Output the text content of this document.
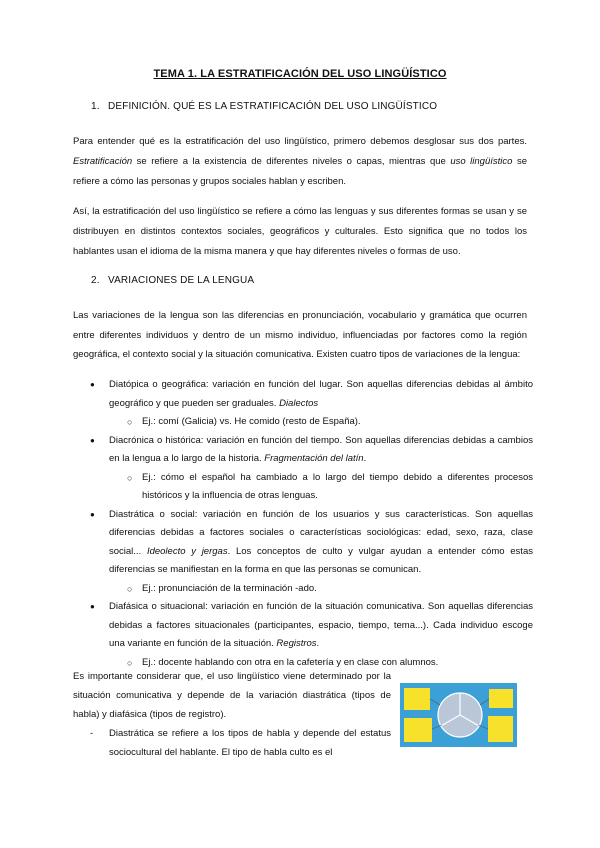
TEMA 1. LA ESTRATIFICACIÓN DEL USO LINGÜÍSTICO
1. DEFINICIÓN. QUÉ ES LA ESTRATIFICACIÓN DEL USO LINGÜÍSTICO

Para entender qué es la estratificación del uso lingüístico, primero debemos desglosar sus dos partes. Estratificación se refiere a la existencia de diferentes niveles o capas, mientras que uso lingüístico se refiere a cómo las personas y grupos sociales hablan y escriben.

Así, la estratificación del uso lingüístico se refiere a cómo las lenguas y sus diferentes formas se usan y se distribuyen en distintos contextos sociales, geográficos y culturales. Esto significa que no todos los hablantes usan el idioma de la misma manera y que hay diferentes niveles o formas de uso.

2. VARIACIONES DE LA LENGUA

Las variaciones de la lengua son las diferencias en pronunciación, vocabulario y gramática que ocurren entre diferentes individuos y dentro de un mismo individuo, influenciadas por factores como la región geográfica, el contexto social y la situación comunicativa. Existen cuatro tipos de variaciones de la lengua:

● Diatópica o geográfica: variación en función del lugar. Son aquellas diferencias debidas al ámbito geográfico y que pueden ser graduales. Dialectos
○ Ej.: comí (Galicia) vs. He comido (resto de España).
● Diacrónica o histórica: variación en función del tiempo. Son aquellas diferencias debidas a cambios en la lengua a lo largo de la historia. Fragmentación del latín.
○ Ej.: cómo el español ha cambiado a lo largo del tiempo debido a diferentes procesos históricos y la influencia de otras lenguas.
● Diastrática o social: variación en función de los usuarios y sus características. Son aquellas diferencias debidas a factores sociales o características sociológicas: edad, sexo, raza, clase social... Ideolecto y jergas. Los conceptos de culto y vulgar ayudan a entender cómo estas diferencias se manifiestan en la forma en que las personas se comunican.
○ Ej.: pronunciación de la terminación -ado.
● Diafásica o situacional: variación en función de la situación comunicativa. Son aquellas diferencias debidas a factores situacionales (participantes, espacio, tiempo, tema...). Cada individuo escoge una variante en función de la situación. Registros.
○ Ej.: docente hablando con otra en la cafetería y en clase con alumnos.
Es importante considerar que, el uso lingüístico viene determinado por la situación comunicativa y depende de la variación diastrática (tipos de habla) y diafásica (tipos de registro).
- Diastrática se refiere a los tipos de habla y depende del estatus sociocultural del hablante. El tipo de habla culto es el
